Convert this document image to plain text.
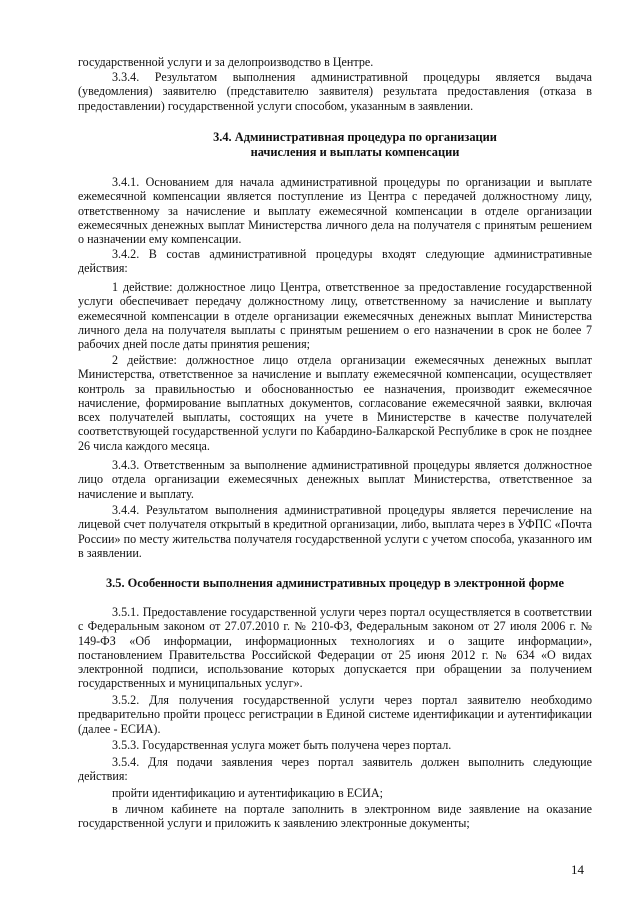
государственной услуги и за делопроизводство в Центре.

3.3.4. Результатом выполнения административной процедуры является выдача (уведомления) заявителю (представителю заявителя) результата предоставления (отказа в предоставлении) государственной услуги способом, указанным в заявлении.

3.4. Административная процедура по организации начисления и выплаты компенсации

3.4.1. Основанием для начала административной процедуры по организации и выплате ежемесячной компенсации является поступление из Центра с передачей должностному лицу, ответственному за начисление и выплату ежемесячной компенсации в отделе организации ежемесячных денежных выплат Министерства личного дела на получателя с принятым решением о назначении ему компенсации.

3.4.2. В состав административной процедуры входят следующие административные действия:

1 действие: должностное лицо Центра, ответственное за предоставление государственной услуги обеспечивает передачу должностному лицу, ответственному за начисление и выплату ежемесячной компенсации в отделе организации ежемесячных денежных выплат Министерства личного дела на получателя выплаты с принятым решением о его назначении в срок не более 7 рабочих дней после даты принятия решения;

2 действие: должностное лицо отдела организации ежемесячных денежных выплат Министерства, ответственное за начисление и выплату ежемесячной компенсации, осуществляет контроль за правильностью и обоснованностью ее назначения, производит ежемесячное начисление, формирование выплатных документов, согласование ежемесячной заявки, включая всех получателей выплаты, состоящих на учете в Министерстве в качестве получателей соответствующей государственной услуги по Кабардино-Балкарской Республике в срок не позднее 26 числа каждого месяца.

3.4.3. Ответственным за выполнение административной процедуры является должностное лицо отдела организации ежемесячных денежных выплат Министерства, ответственное за начисление и выплату.

3.4.4. Результатом выполнения административной процедуры является перечисление на лицевой счет получателя открытый в кредитной организации, либо, выплата через в УФПС «Почта России» по месту жительства получателя государственной услуги с учетом способа, указанного им в заявлении.

3.5. Особенности выполнения административных процедур в электронной форме

3.5.1. Предоставление государственной услуги через портал осуществляется в соответствии с Федеральным законом от 27.07.2010 г. № 210-ФЗ, Федеральным законом от 27 июля 2006 г. № 149-ФЗ «Об информации, информационных технологиях и о защите информации», постановлением Правительства Российской Федерации от 25 июня 2012 г. № 634 «О видах электронной подписи, использование которых допускается при обращении за получением государственных и муниципальных услуг».

3.5.2. Для получения государственной услуги через портал заявителю необходимо предварительно пройти процесс регистрации в Единой системе идентификации и аутентификации (далее - ЕСИА).

3.5.3. Государственная услуга может быть получена через портал.

3.5.4. Для подачи заявления через портал заявитель должен выполнить следующие действия:

пройти идентификацию и аутентификацию в ЕСИА;

в личном кабинете на портале заполнить в электронном виде заявление на оказание государственной услуги и приложить к заявлению электронные документы;

14
